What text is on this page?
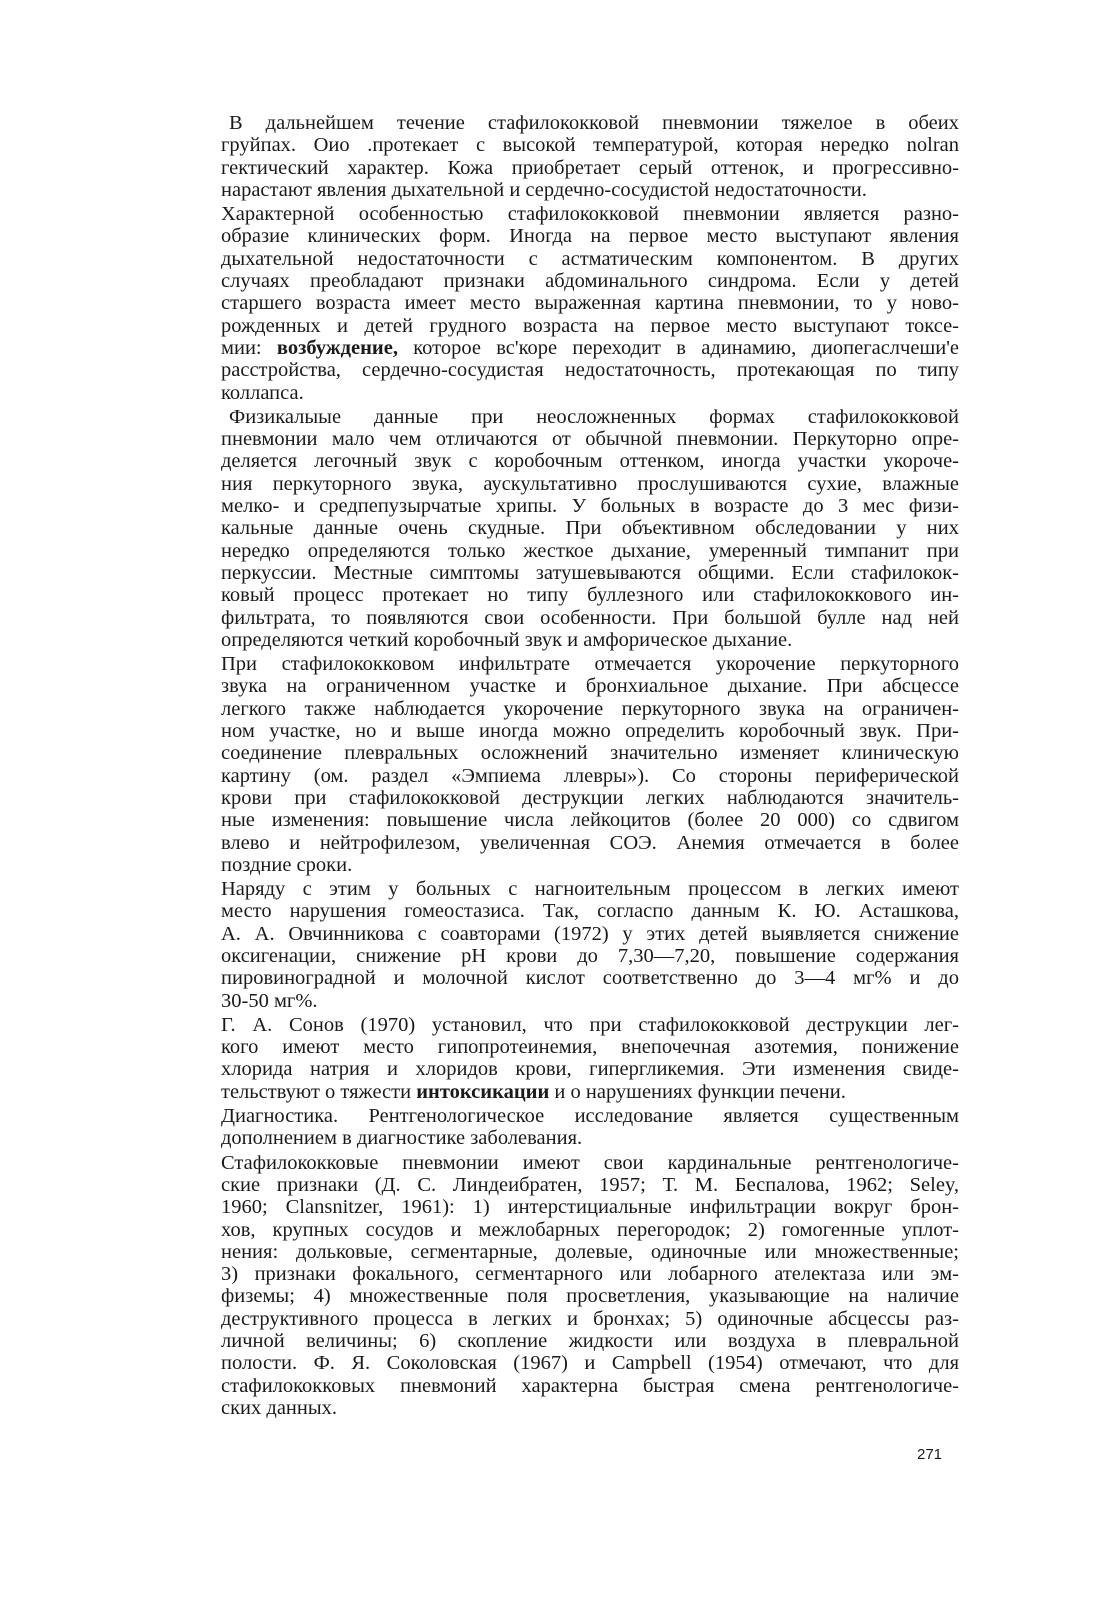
В дальнейшем течение стафилококковой пневмонии тяжелое в обеих
груйпах. Оио .протекает с высокой температурой, которая нередко nolran
гектический характер. Кожа приобретает серый оттенок, и прогрессивно-
нарастают явления дыхательной и сердечно-сосудистой недостаточности.
Характерной особенностью стафилококковой пневмонии является разно-
образие клинических форм. Иногда на первое место выступают явления
дыхательной недостаточности с астматическим компонентом. В других
случаях преобладают признаки абдоминального синдрома. Если у детей
старшего возраста имеет место выраженная картина пневмонии, то у ново-
рожденных и детей грудного возраста на первое место выступают токсе-
мии: возбуждение, которое вс'коре переходит в адинамию, диопегаслчеши'е
расстройства, сердечно-сосудистая недостаточность, протекающая по типу
коллапса.
Физикалыые данные при неосложненных формах стафилококковой
пневмонии мало чем отличаются от обычной пневмонии. Перкуторно опре-
деляется легочный звук с коробочным оттенком, иногда участки укороче-
ния перкуторного звука, аускультативно прослушиваются сухие, влажные
мелко- и средпепузырчатые хрипы. У больных в возрасте до 3 мес физи-
кальные данные очень скудные. При объективном обследовании у них
нередко определяются только жесткое дыхание, умеренный тимпанит при
перкуссии. Местные симптомы затушевываются общими. Если стафилокок-
ковый процесс протекает но типу буллезного или стафилококкового ин-
фильтрата, то появляются свои особенности. При большой булле над ней
определяются четкий коробочный звук и амфорическое дыхание.
При стафилококковом инфильтрате отмечается укорочение перкуторного
звука на ограниченном участке и бронхиальное дыхание. При абсцессе
легкого также наблюдается укорочение перкуторного звука на ограничен-
ном участке, но и выше иногда можно определить коробочный звук. При-
соединение плевральных осложнений значительно изменяет клиническую
картину (ом. раздел «Эмпиема ллевры»). Со стороны периферической
крови при стафилококковой деструкции легких наблюдаются значитель-
ные изменения: повышение числа лейкоцитов (более 20 000) со сдвигом
влево и нейтрофилезом, увеличенная СОЭ. Анемия отмечается в более
поздние сроки.
Наряду с этим у больных с нагноительным процессом в легких имеют
место нарушения гомеостазиса. Так, согласпо данным К. Ю. Асташкова,
А. А. Овчинникова с соавторами (1972) у этих детей выявляется снижение
оксигенации, снижение рН крови до 7,30—7,20, повышение содержания
пировиноградной и молочной кислот соответственно до 3—4 мг% и до
30-50 мг%.
Г. А. Сонов (1970) установил, что при стафилококковой деструкции лег-
кого имеют место гипопротеинемия, внепочечная азотемия, понижение
хлорида натрия и хлоридов крови, гипергликемия. Эти изменения свиде-
тельствуют о тяжести интоксикации и о нарушениях функции печени.
Диагностика. Рентгенологическое исследование является существенным
дополнением в диагностике заболевания.
Стафилококковые пневмонии имеют свои кардинальные рентгенологиче-
ские признаки (Д. С. Линдеибратен, 1957; Т. М. Беспалова, 1962; Seley,
1960; Clansnitzer, 1961): 1) интерстициальные инфильтрации вокруг брон-
хов, крупных сосудов и межлобарных перегородок; 2) гомогенные уплот-
нения: дольковые, сегментарные, долевые, одиночные или множественные;
3) признаки фокального, сегментарного или лобарного ателектаза или эм-
физемы; 4) множественные поля просветления, указывающие на наличие
деструктивного процесса в легких и бронхах; 5) одиночные абсцессы раз-
личной величины; 6) скопление жидкости или воздуха в плевральной
полости. Ф. Я. Соколовская (1967) и Campbell (1954) отмечают, что для
стафилококковых пневмоний характерна быстрая смена рентгенологиче-
ских данных.
271
